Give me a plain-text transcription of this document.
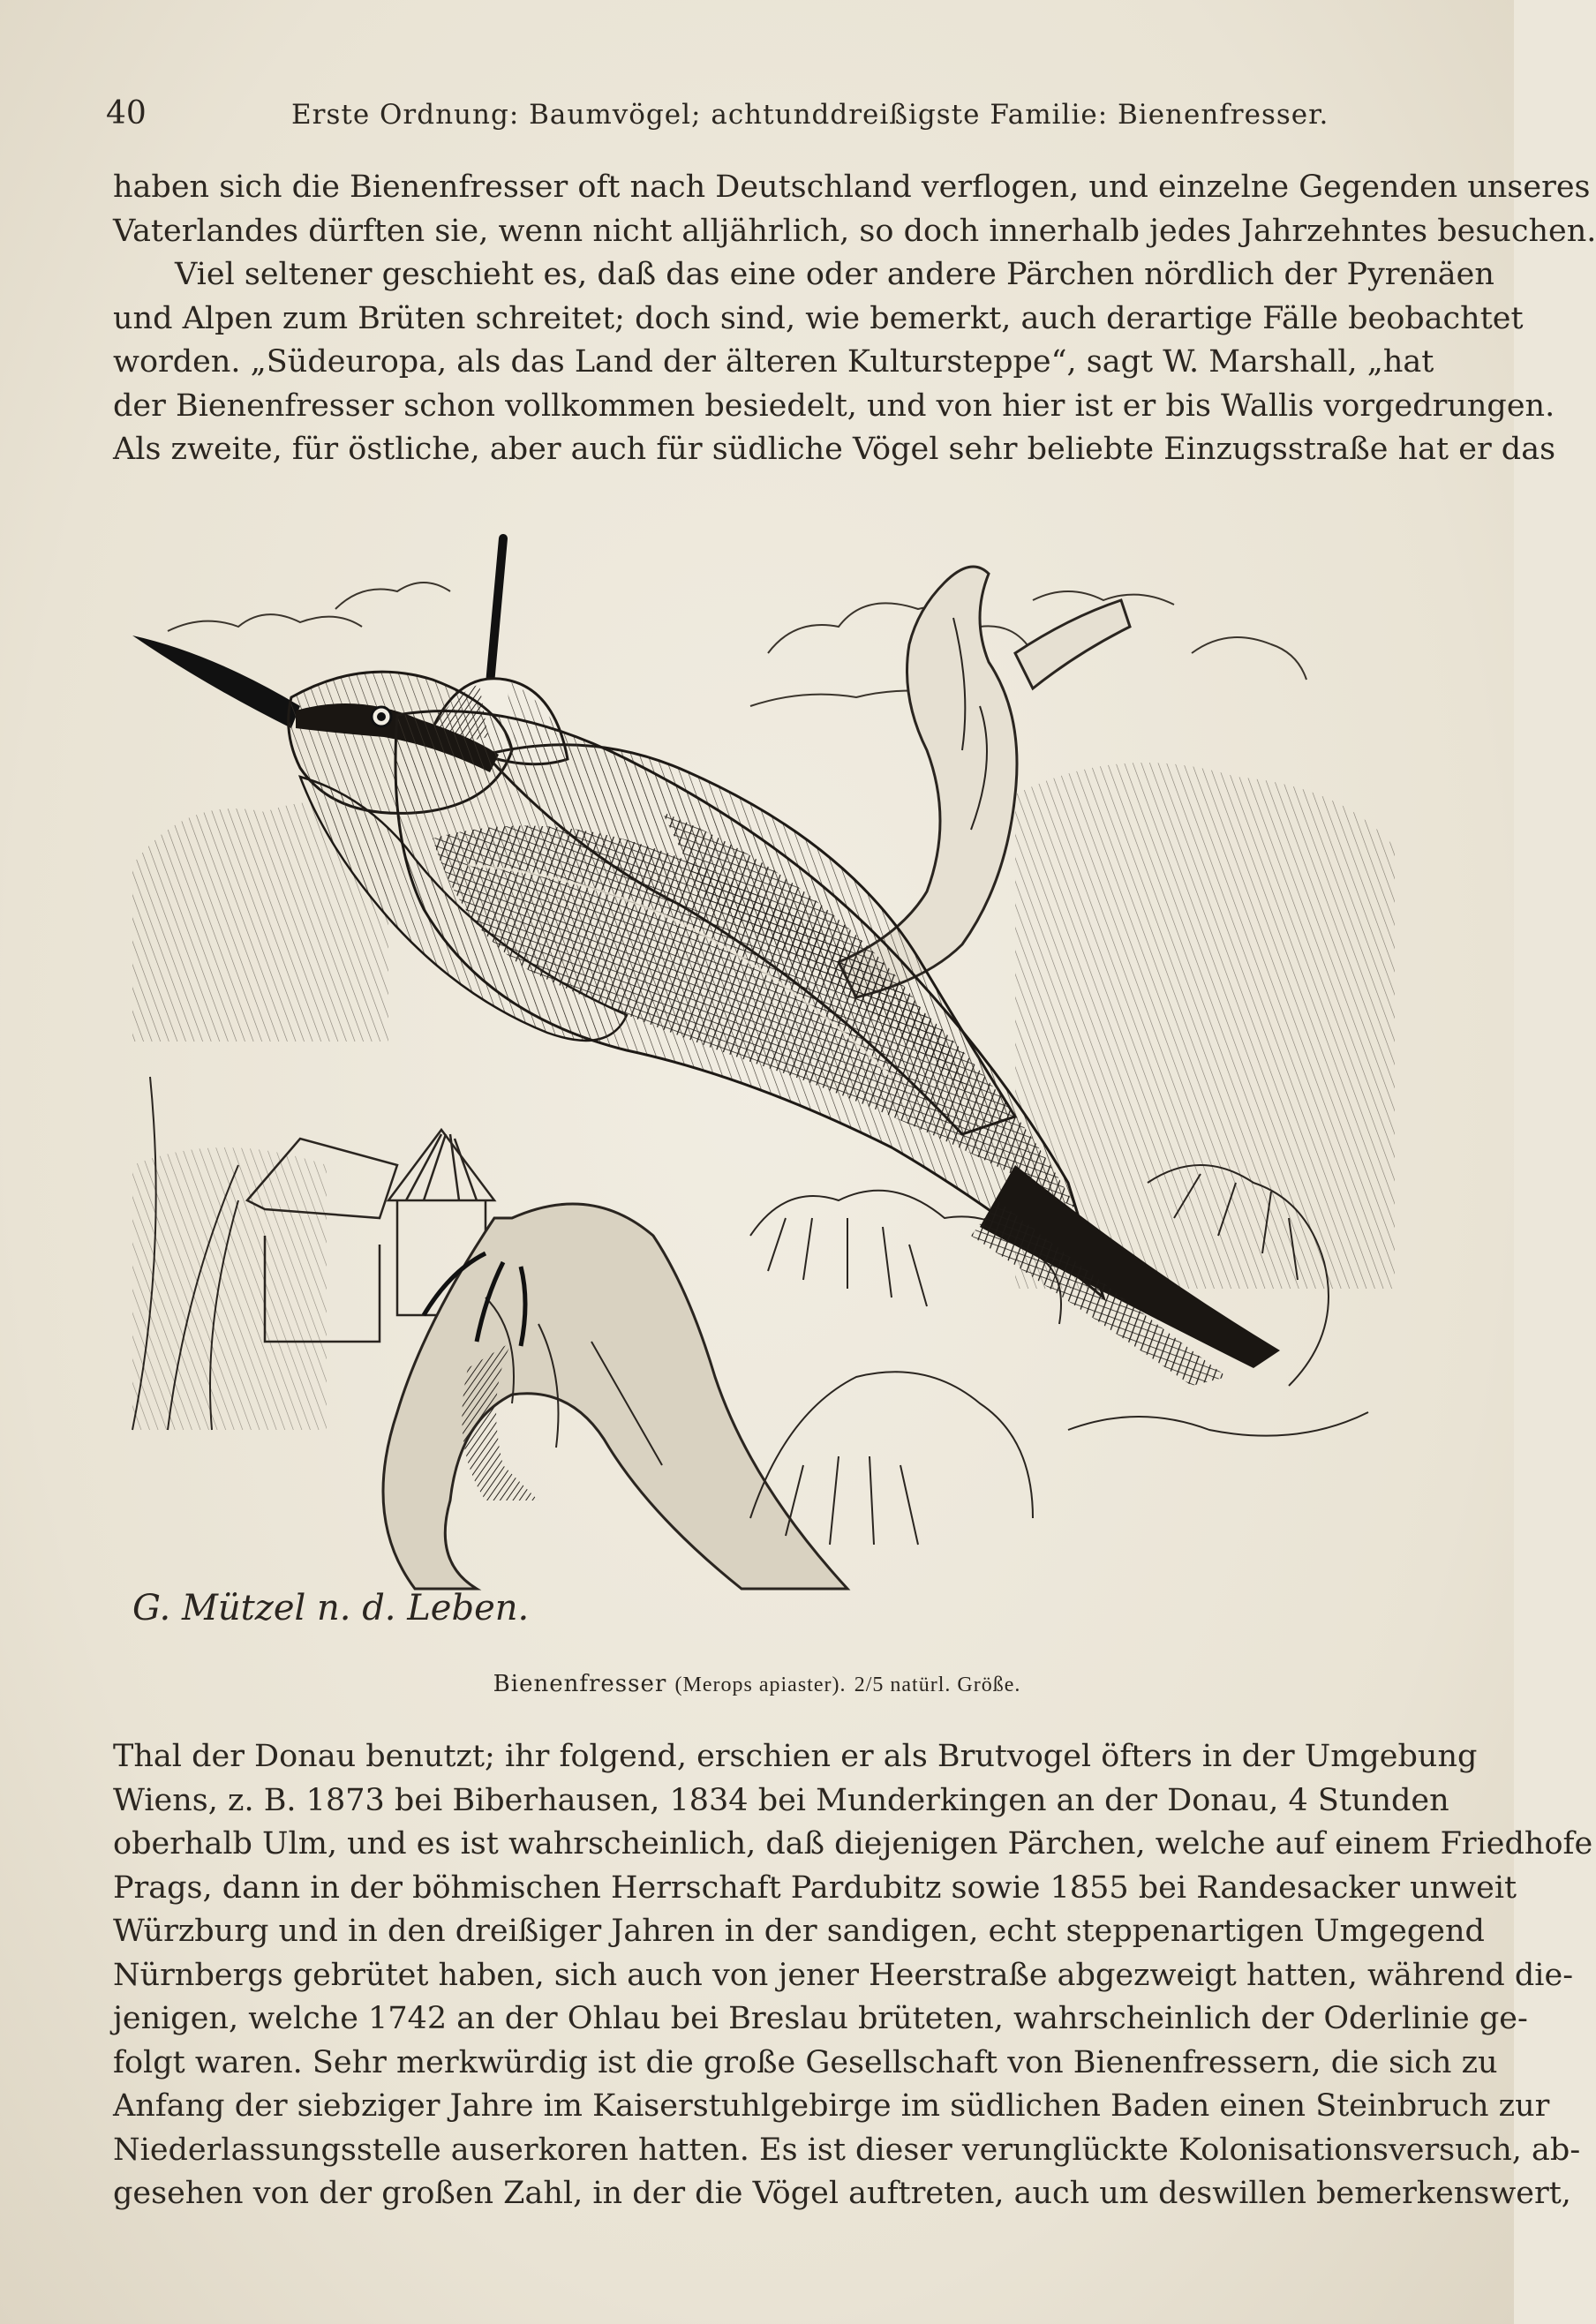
40	Erste Ordnung: Baumvögel; achtunddreißigste Familie: Bienenfresser.
haben sich die Bienenfresser oft nach Deutschland verflogen, und einzelne Gegenden unseres
Vaterlandes dürften sie, wenn nicht alljährlich, so doch innerhalb jedes Jahrzehntes besuchen.
Viel seltener geschieht es, daß das eine oder andere Pärchen nördlich der Pyrenäen
und Alpen zum Brüten schreitet; doch sind, wie bemerkt, auch derartige Fälle beobachtet
worden. „Südeuropa, als das Land der älteren Kultursteppe“, sagt W. Marshall, „hat
der Bienenfresser schon vollkommen besiedelt, und von hier ist er bis Wallis vorgedrungen.
Als zweite, für östliche, aber auch für südliche Vögel sehr beliebte Einzugsstraße hat er das
G. Mützel n. d. Leben.
Bienenfresser (Merops apiaster). 2/5 natürl. Größe.
Thal der Donau benutzt; ihr folgend, erschien er als Brutvogel öfters in der Umgebung
Wiens, z. B. 1873 bei Biberhausen, 1834 bei Munderkingen an der Donau, 4 Stunden
oberhalb Ulm, und es ist wahrscheinlich, daß diejenigen Pärchen, welche auf einem Friedhofe
Prags, dann in der böhmischen Herrschaft Pardubitz sowie 1855 bei Randesacker unweit
Würzburg und in den dreißiger Jahren in der sandigen, echt steppenartigen Umgegend
Nürnbergs gebrütet haben, sich auch von jener Heerstraße abgezweigt hatten, während die-
jenigen, welche 1742 an der Ohlau bei Breslau brüteten, wahrscheinlich der Oderlinie ge-
folgt waren. Sehr merkwürdig ist die große Gesellschaft von Bienenfressern, die sich zu
Anfang der siebziger Jahre im Kaiserstuhlgebirge im südlichen Baden einen Steinbruch zur
Niederlassungsstelle auserkoren hatten. Es ist dieser verunglückte Kolonisationsversuch, ab-
gesehen von der großen Zahl, in der die Vögel auftreten, auch um deswillen bemerkenswert,
